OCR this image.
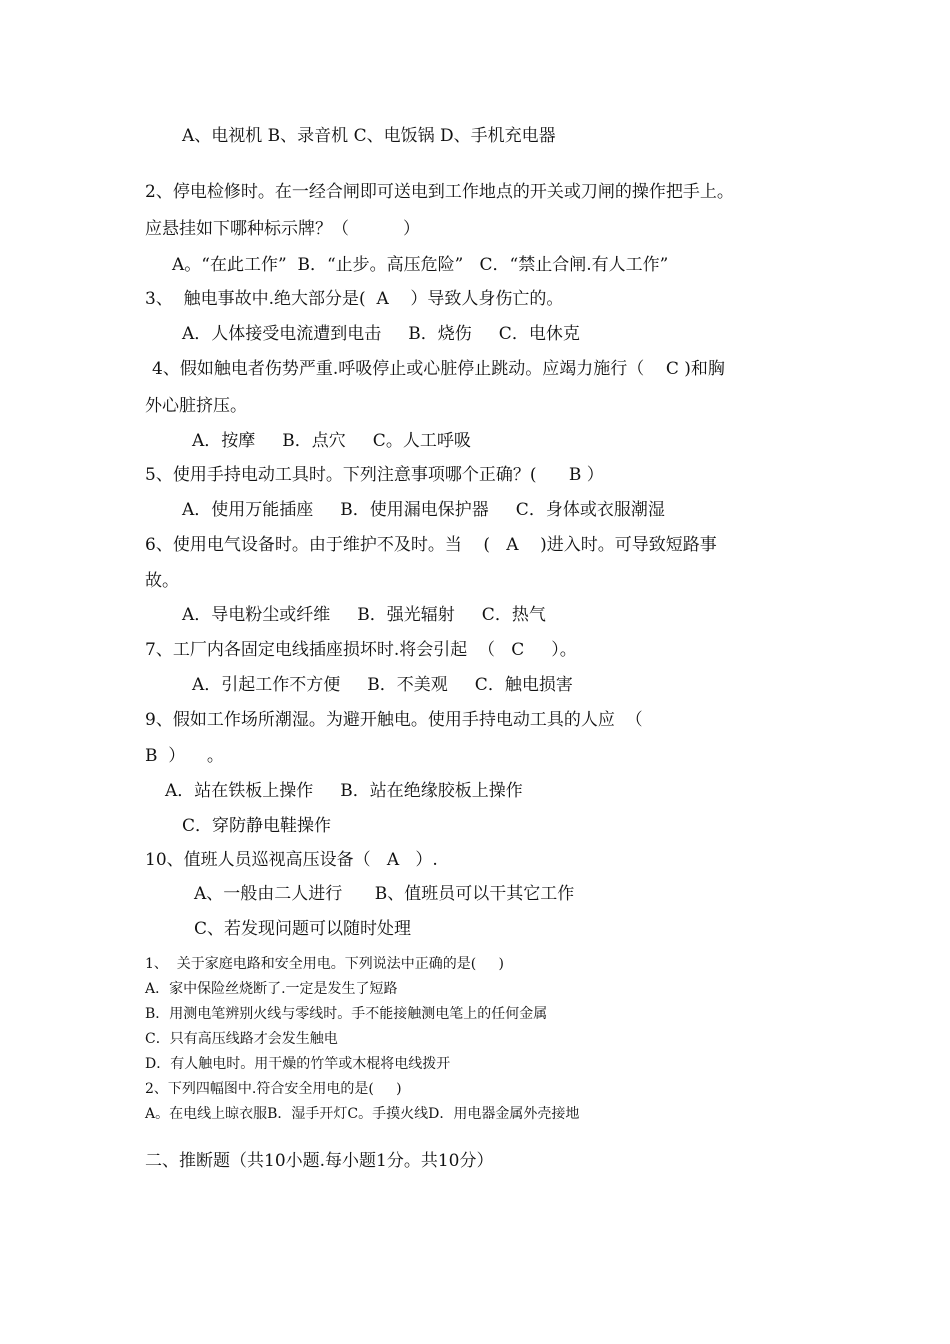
A、电视机 B、录音机 C、电饭锅 D、手机充电器
2、停电检修时。在一经合闸即可送电到工作地点的开关或刀闸的操作把手上。
应悬挂如下哪种标示牌？（          ）
A。“在此工作”  B．“止步。高压危险”   C．“禁止合闸.有人工作”
3、  触电事故中.绝大部分是(  A    ）导致人身伤亡的。
A．人体接受电流遭到电击     B．烧伤     C．电休克
4、假如触电者伤势严重.呼吸停止或心脏停止跳动。应竭力施行（    C )和胸
外心脏挤压。
A．按摩     B．点穴     C。人工呼吸
5、使用手持电动工具时。下列注意事项哪个正确？(      B ）
A．使用万能插座     B．使用漏电保护器     C．身体或衣服潮湿
6、使用电气设备时。由于维护不及时。当    (   A    )进入时。可导致短路事
故。
A．导电粉尘或纤维     B．强光辐射     C．热气
7、工厂内各固定电线插座损坏时.将会引起  （   C     ）。
A．引起工作不方便     B．不美观     C．触电损害
9、假如工作场所潮湿。为避开触电。使用手持电动工具的人应  （
B  ）    。
A．站在铁板上操作     B．站在绝缘胶板上操作
C．穿防静电鞋操作
10、值班人员巡视高压设备（   A   ）.
A、一般由二人进行      B、值班员可以干其它工作
C、若发现问题可以随时处理
1、  关于家庭电路和安全用电。下列说法中正确的是(     )
A．家中保险丝烧断了.一定是发生了短路
B．用测电笔辨别火线与零线时。手不能接触测电笔上的任何金属
C．只有高压线路才会发生触电
D．有人触电时。用干燥的竹竿或木棍将电线拨开
2、下列四幅图中.符合安全用电的是(     )
A。在电线上晾衣服B．湿手开灯C。手摸火线D．用电器金属外壳接地
二、推断题（共10小题.每小题1分。共10分）
